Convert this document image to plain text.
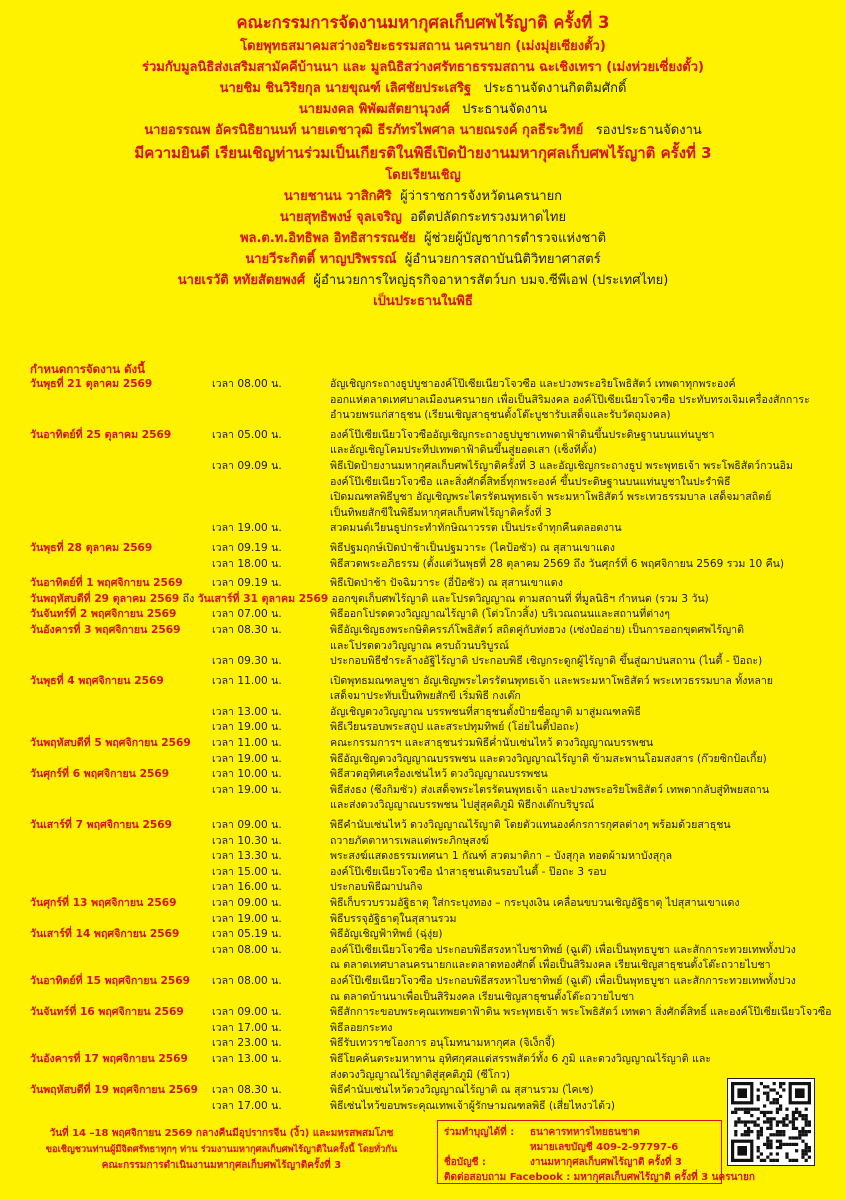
คณะกรรมการจัดงานมหากุศลเก็บศพไร้ญาติ ครั้งที่ 3
โดยพุทธสมาคมสว่างอริยะธรรมสถาน นครนายก (เม่งมุ่ยเซียงตั้ว)
ร่วมกับมูลนิธิส่งเสริมสามัคคีบ้านนา และ มูลนิธิสว่างศรัทธาธรรมสถาน ฉะเชิงเทรา (เม่งห่วยเซี่ยงตั้ว)
นายชิม ชินวิริยกุล นายขุณฑ์ เลิศชัยประเสริฐ ประธานจัดงานกิตติมศักดิ์
นายมงคล พิพัฒสัตยานุวงศ์ ประธานจัดงาน
นายอรรณพ อัครนิธิยานนท์ นายเดชาวุฒิ ธีรภัทรไพศาล นายณรงค์ กุลธีระวิทย์ รองประธานจัดงาน
มีความยินดี เรียนเชิญท่านร่วมเป็นเกียรติในพิธีเปิดป้ายงานมหากุศลเก็บศพไร้ญาติ ครั้งที่ 3
โดยเรียนเชิญ
นายชานน วาสิกศิริ ผู้ว่าราชการจังหวัดนครนายก
นายสุทธิพงษ์ จุลเจริญ อดีตปลัดกระทรวงมหาดไทย
พล.ต.ท.อิทธิพล อิทธิสารรณชัย ผู้ช่วยผู้บัญชาการตำรวจแห่งชาติ
นายวีระกิตติ์ หาญปริพรรณ์ ผู้อำนวยการสถาบันนิติวิทยาศาสตร์
นายเรวัติ หทัยสัตยพงศ์ ผู้อำนวยการใหญ่ธุรกิจอาหารสัตว์บก บมจ.ซีพีเอฟ (ประเทศไทย)
เป็นประธานในพิธี
กำหนดการจัดงาน ดังนี้
วันพุธที่ 21 ตุลาคม 2569	เวลา 08.00 น.	อัญเชิญกระถางธูปบูชาองค์โป๊เซียเนียวโจวซือ และปวงพระอริยโพธิสัตว์ เทพดาทุกพระองค์
ออกแห่ตลาดเทศบาลเมืองนครนายก เพื่อเป็นสิริมงคล องค์โป๊เซียเนียวโจวซือ ประทับทรงเจิมเครื่องสักการะ
อำนวยพรแก่สาธุชน (เรียนเชิญสาธุชนตั้งโต๊ะบูชารับเสด็จและรับวัตถุมงคล)
วันอาทิตย์ที่ 25 ตุลาคม 2569	เวลา 05.00 น.	องค์โป๊เซียเนียวโจวซืออัญเชิญกระถางธูปบูชาเทพดาฟ้าดินขึ้นประดิษฐานบนแท่นบูชา
และอัญเชิญโคมประทีปเทพดาฟ้าดินขึ้นสู่ยอดเสา (เซ็งทีตั้ง)
เวลา 09.09 น.	พิธีเปิดป้ายงานมหากุศลเก็บศพไร้ญาติครั้งที่ 3 และอัญเชิญกระถางธูป พระพุทธเจ้า พระโพธิสัตว์กวนอิม
องค์โป๊เซียเนียวโจวซือ และสิ่งศักดิ์สิทธิ์ทุกพระองค์ ขึ้นประดิษฐานบนแท่นบูชาในปะรำพิธี
เปิดมณฑลพิธีบูชา อัญเชิญพระไตรรัตนพุทธเจ้า พระมหาโพธิสัตว์ พระเทวธรรมบาล เสด็จมาสถิตย์
เป็นทิพยสักขีในพิธีมหากุศลเก็บศพไร้ญาติครั้งที่ 3
เวลา 19.00 น.	สวดมนต์เวียนธูปกระทำทักษิณาวรรต เป็นประจำทุกคืนตลอดงาน
วันพุธที่ 28 ตุลาคม 2569	เวลา 09.19 น.	พิธีปฐมฤกษ์เปิดป่าช้าเป็นปฐมวาระ (ไคป้อซัว) ณ สุสานเขาแดง
เวลา 18.00 น.	พิธีสวดพระอภิธรรม (ตั้งแต่วันพุธที่ 28 ตุลาคม 2569 ถึง วันศุกร์ที่ 6 พฤศจิกายน 2569 รวม 10 คืน)
วันอาทิตย์ที่ 1 พฤศจิกายน 2569	เวลา 09.19 น.	พิธีเปิดป่าช้า ปัจฉิมวาระ (อี่ป้อซัว) ณ สุสานเขาแดง
วันพฤหัสบดีที่ 29 ตุลาคม 2569 ถึง วันเสาร์ที่ 31 ตุลาคม 2569 ออกขุดเก็บศพไร้ญาติ และโปรดวิญญาณ ตามสถานที่ ที่มูลนิธิฯ กำหนด (รวม 3 วัน)
วันจันทร์ที่ 2 พฤศจิกายน 2569	เวลา 07.00 น.	พิธีออกโปรดดวงวิญญาณไร้ญาติ (โต่วโกวสิ้ง) บริเวณถนนและสถานที่ต่างๆ
วันอังคารที่ 3 พฤศจิกายน 2569	เวลา 08.30 น.	พิธีอัญเชิญธงพระกษิติครรภ์โพธิสัตว์ สถิตคู่กับท่งฮวง (เซ่งป๋ออ่าย) เป็นการออกขุดศพไร้ญาติ
และโปรดดวงวิญญาณ ครบถ้วนบริบูรณ์
เวลา 09.30 น.	ประกอบพิธีชำระล้างอัฐิไร้ญาติ ประกอบพิธี เชิญกระดูกผู้ไร้ญาติ ขึ้นสู่ฌาปนสถาน (ไนตี้ - ป๊อถะ)
วันพุธที่ 4 พฤศจิกายน 2569	เวลา 11.00 น.	เปิดพุทธมณฑลบูชา อัญเชิญพระไตรรัตนพุทธเจ้า และพระมหาโพธิสัตว์ พระเทวธรรมบาล ทั้งหลาย
เสด็จมาประทับเป็นทิพยสักขี เริ่มพิธี กงเต๊ก
เวลา 13.00 น.	อัญเชิญดวงวิญญาณ บรรพชนที่สาธุชนตั้งป้ายชื่อญาติ มาสู่มณฑลพิธี
เวลา 19.00 น.	พิธีเวียนรอบพระสถูป และสระปทุมทิพย์ (โอ่ยไนตี้ป่อถะ)
วันพฤหัสบดีที่ 5 พฤศจิกายน 2569 เวลา 11.00 น.	คณะกรรมการฯ และสาธุชนร่วมพิธีค่ำนับเซ่นไหว้ ดวงวิญญาณบรรพชน
เวลา 19.00 น.	พิธีอัญเชิญดวงวิญญาณบรรพชน และดวงวิญญาณไร้ญาติ ข้ามสะพานโอมสงสาร (ก๊วยซิกป้อเกี้ย)
วันศุกร์ที่ 6 พฤศจิกายน 2569	เวลา 10.00 น.	พิธีสวดอุทิศเครื่องเซ่นไหว้ ดวงวิญญาณบรรพชน
เวลา 19.00 น.	พิธีส่งธง (ซึงกิมซัว) ส่งเสด็จพระไตรรัตนพุทธเจ้า และปวงพระอริยโพธิสัตว์ เทพดากลับสู่ทิพยสถาน
และส่งดวงวิญญาณบรรพชน ไปสู่สุคติภูมิ พิธีกงเต๊กบริบูรณ์
วันเสาร์ที่ 7 พฤศจิกายน 2569	เวลา 09.00 น.	พิธีคำนับเซ่นไหว้ ดวงวิญญาณไร้ญาติ โดยตัวแทนองค์กรการกุศลต่างๆ พร้อมด้วยสาธุชน
เวลา 10.30 น.	ถวายภัตตาหารเพลแด่พระภิกษุสงฆ์
เวลา 13.30 น.	พระสงฆ์แสดงธรรมเทศนา 1 กัณฑ์ สวดมาติกา – บังสุกุล ทอดผ้ามหาบังสุกุล
เวลา 15.00 น.	องค์โป๊เซียเนียวโจวซือ นำสาธุชนเดินรอบไนตี้ - ป๊อถะ 3 รอบ
เวลา 16.00 น.	ประกอบพิธีฌาปนกิจ
วันศุกร์ที่ 13 พฤศจิกายน 2569	เวลา 09.00 น.	พิธีเก็บรวบรวมอัฐิธาตุ ใส่กระบุงทอง – กระบุงเงิน เคลื่อนขบวนเชิญอัฐิธาตุ ไปสุสานเขาแดง
เวลา 19.00 น.	พิธีบรรจุอัฐิธาตุในสุสานรวม
วันเสาร์ที่ 14 พฤศจิกายน 2569	เวลา 05.19 น.	พิธีอัญเชิญฟ้าทิพย์ (ฉุ่งุ่ย)
เวลา 08.00 น.	องค์โป๊เซียเนียวโจวซือ ประกอบพิธีสรงหาไบชาทิพย์ (ฉูเต๊) เพื่อเป็นพุทธบูชา และสักการะทวยเทพทั้งปวง
ณ ตลาดเทศบาลนครนายกและตลาดทองศักดิ์ เพื่อเป็นสิริมงคล เรียนเชิญสาธุชนตั้งโต๊ะถวายไบชา
วันอาทิตย์ที่ 15 พฤศจิกายน 2569 เวลา 08.00 น.	องค์โป๊เซียเนียวโจวซือ ประกอบพิธีสรงหาไบชาทิพย์ (ฉูเต๊) เพื่อเป็นพุทธบูชา และสักการะทวยเทพทั้งปวง
ณ ตลาดบ้านนาเพื่อเป็นสิริมงคล เรียนเชิญสาธุชนตั้งโต๊ะถวายไบชา
วันจันทร์ที่ 16 พฤศจิกายน 2569	เวลา 09.00 น.	พิธีสักการะขอบพระคุณเทพยดาฟ้าดิน พระพุทธเจ้า พระโพธิสัตว์ เทพดา สิ่งศักดิ์สิทธิ์ และองค์โป๊เซียเนียวโจวซือ
เวลา 17.00 น.	พิธีลอยกระทง
เวลา 23.00 น.	พิธีรับเทวราชโองการ อนุโมทนามหากุศล (จิเง็กจี้)
วันอังคารที่ 17 พฤศจิกายน 2569 เวลา 13.00 น.	พิธีโยคค้นตระมหาทาน อุทิศกุศลแด่สรรพสัตว์ทั้ง 6 ภูมิ และดวงวิญญาณไร้ญาติ และ
ส่งดวงวิญญาณไร้ญาติสู่สุคติภูมิ (ซีโกว)
วันพฤหัสบดีที่ 19 พฤศจิกายน 2569 เวลา 08.30 น.	พิธีคำนับเซ่นไหว้ดวงวิญญาณไร้ญาติ ณ สุสานรวม (ไคเซ)
เวลา 17.00 น.	พิธีเซ่นไหว้ขอบพระคุณเทพเจ้าผู้รักษามณฑลพิธี (เสี่ยไหงวไต้ว)
วันที่ 14 –18 พฤศจิกายน 2569 กลางคืนมีอุปรากรจีน (งิ้ว) และมหรสพสมโภช
ขอเชิญชวนท่านผู้มีจิตศรัทธาทุกๆ ท่าน ร่วมงานมหากุศลเก็บศพไร้ญาติในครั้งนี้ โดยทั่วกัน
คณะกรรมการดำเนินงานมหากุศลเก็บศพไร้ญาติครั้งที่ 3
ร่วมทำบุญได้ที่ : ธนาคารทหารไทยธนชาต
หมายเลขบัญชี 409-2-97797-6
ชื่อบัญชี :	งานมหากุศลเก็บศพไร้ญาติ ครั้งที่ 3
ติดต่อสอบถาม Facebook : มหากุศลเก็บศพไร้ญาติ ครั้งที่ 3 นครนายก
